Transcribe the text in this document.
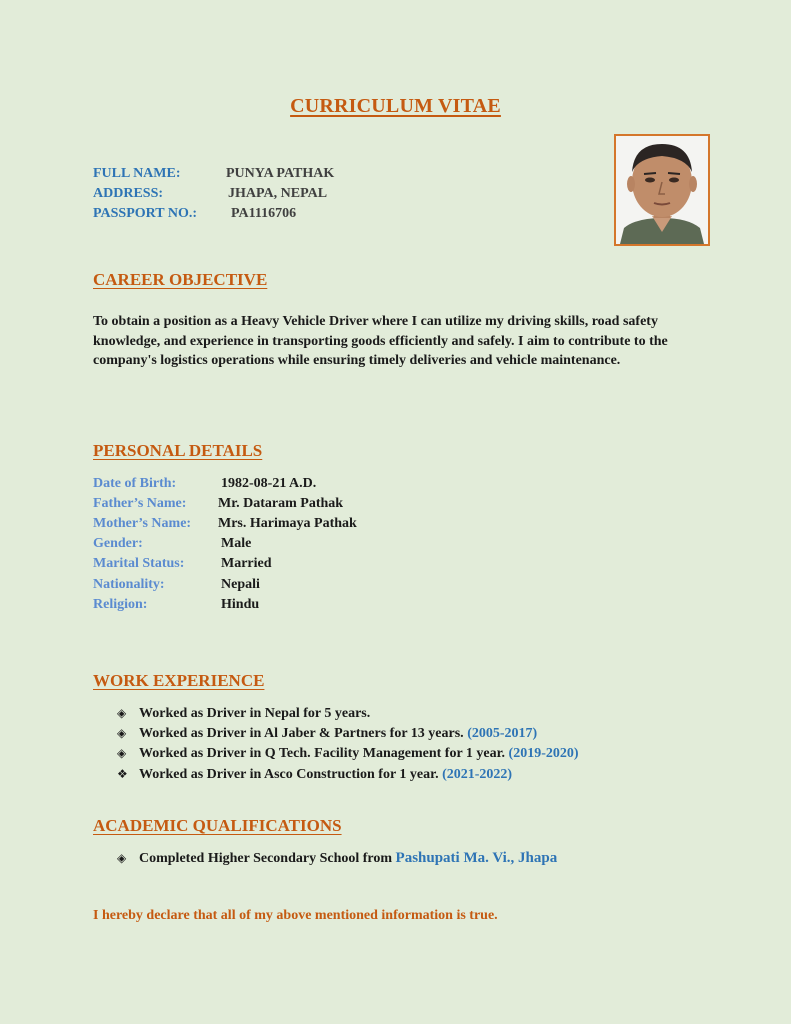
CURRICULUM VITAE
FULL NAME:	PUNYA PATHAK
ADDRESS:	JHAPA, NEPAL
PASSPORT NO.: PA1116706
CAREER OBJECTIVE
To obtain a position as a Heavy Vehicle Driver where I can utilize my driving skills, road safety knowledge, and experience in transporting goods efficiently and safely. I aim to contribute to the company's logistics operations while ensuring timely deliveries and vehicle maintenance.
PERSONAL DETAILS
Date of Birth:	1982-08-21 A.D.
Father’s Name: Mr. Dataram Pathak
Mother’s Name: Mrs. Harimaya Pathak
Gender:	Male
Marital Status:	Married
Nationality:	Nepali
Religion:	Hindu
WORK EXPERIENCE
◈ Worked as Driver in Nepal for 5 years.
◈ Worked as Driver in Al Jaber & Partners for 13 years. (2005-2017)
◈ Worked as Driver in Q Tech. Facility Management for 1 year. (2019-2020)
❖ Worked as Driver in Asco Construction for 1 year. (2021-2022)
ACADEMIC QUALIFICATIONS
◈ Completed Higher Secondary School from Pashupati Ma. Vi., Jhapa
I hereby declare that all of my above mentioned information is true.
